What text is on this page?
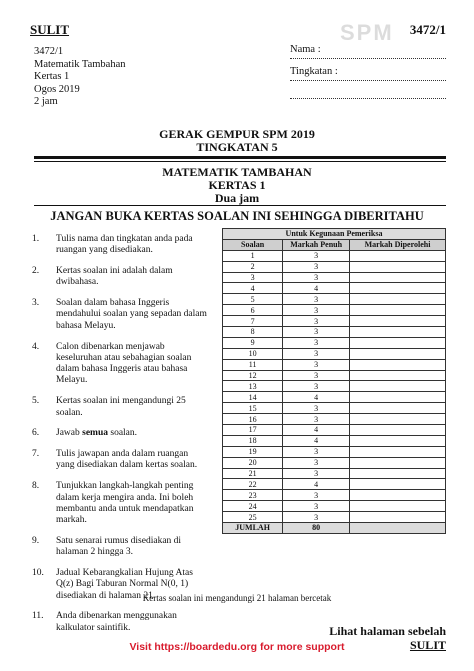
SPM
SULIT	3472/1
3472/1
Matematik Tambahan
Kertas 1
Ogos 2019
2 jam
Nama :
Tingkatan :
GERAK GEMPUR SPM 2019
TINGKATAN 5
MATEMATIK TAMBAHAN
KERTAS 1
Dua jam
JANGAN BUKA KERTAS SOALAN INI SEHINGGA DIBERITAHU
1. Tulis nama dan tingkatan anda pada ruangan yang disediakan.
2. Kertas soalan ini adalah dalam dwibahasa.
3. Soalan dalam bahasa Inggeris mendahului soalan yang sepadan dalam bahasa Melayu.
4. Calon dibenarkan menjawab keseluruhan atau sebahagian soalan dalam bahasa Inggeris atau bahasa Melayu.
5. Kertas soalan ini mengandungi 25 soalan.
6. Jawab semua soalan.
7. Tulis jawapan anda dalam ruangan yang disediakan dalam kertas soalan.
8. Tunjukkan langkah-langkah penting dalam kerja mengira anda. Ini boleh membantu anda untuk mendapatkan markah.
9. Satu senarai rumus disediakan di halaman 2 hingga 3.
10. Jadual Kebarangkalian Hujung Atas Q(z) Bagi Taburan Normal N(0, 1) disediakan di halaman 21.
11. Anda dibenarkan menggunakan kalkulator saintifik.
Untuk Kegunaan Pemeriksa		
Soalan	Markah Penuh	Markah Diperolehi
1	3	
2	3	
3	3	
4	4	
5	3	
6	3	
7	3	
8	3	
9	3	
10	3	
11	3	
12	3	
13	3	
14	4	
15	3	
16	3	
17	4	
18	4	
19	3	
20	3	
21	3	
22	4	
23	3	
24	3	
25	3	
JUMLAH	80	
Kertas soalan ini mengandungi 21 halaman bercetak
Lihat halaman sebelah
SULIT
Visit https://boardedu.org for more support
